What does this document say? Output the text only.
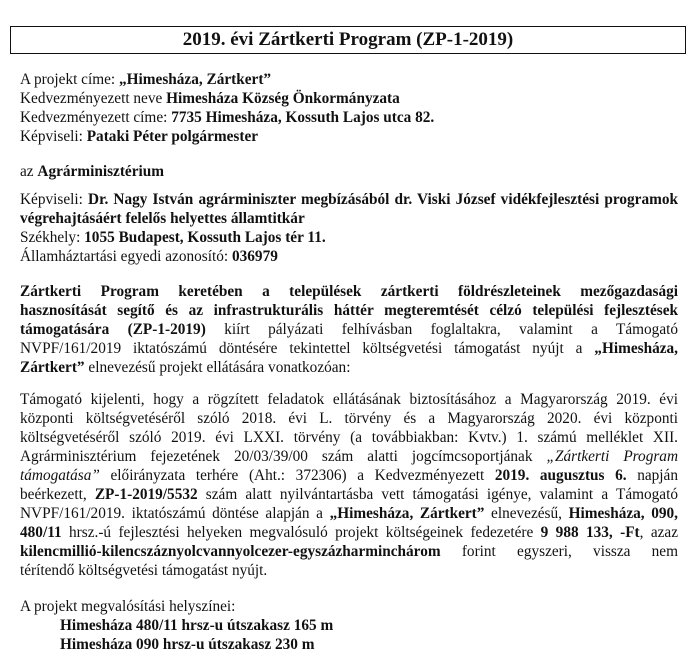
2019. évi Zártkerti Program (ZP-1-2019)
A projekt címe: „Himesháza, Zártkert”
Kedvezményezett neve Himesháza Község Önkormányzata
Kedvezményezett címe: 7735 Himesháza, Kossuth Lajos utca 82.
Képviseli: Pataki Péter polgármester
az Agrárminisztérium
Képviseli: Dr. Nagy István agrárminiszter megbízásából dr. Viski József vidékfejlesztési programok
végrehajtásáért felelős helyettes államtitkár
Székhely: 1055 Budapest, Kossuth Lajos tér 11.
Államháztartási egyedi azonosító: 036979
Zártkerti Program keretében a települések zártkerti földrészleteinek mezőgazdasági
hasznosítását segítő és az infrastrukturális háttér megteremtését célzó települési fejlesztések
támogatására (ZP-1-2019) kiírt pályázati felhívásban foglaltakra, valamint a Támogató
NVPF/161/2019 iktatószámú döntésére tekintettel költségvetési támogatást nyújt a „Himesháza,
Zártkert” elnevezésű projekt ellátására vonatkozóan:
Támogató kijelenti, hogy a rögzített feladatok ellátásának biztosításához a Magyarország 2019. évi
központi költségvetéséről szóló 2018. évi L. törvény és a Magyarország 2020. évi központi
költségvetéséről szóló 2019. évi LXXI. törvény (a továbbiakban: Kvtv.) 1. számú melléklet XII.
Agrárminisztérium fejezetének 20/03/39/00 szám alatti jogcímcsoportjának „Zártkerti Program
támogatása” előirányzata terhére (Aht.: 372306) a Kedvezményezett 2019. augusztus 6. napján
beérkezett, ZP-1-2019/5532 szám alatt nyilvántartásba vett támogatási igénye, valamint a Támogató
NVPF/161/2019. iktatószámú döntése alapján a „Himesháza, Zártkert” elnevezésű, Himesháza, 090,
480/11 hrsz.-ú fejlesztési helyeken megvalósuló projekt költségeinek fedezetére 9 988 133, -Ft, azaz
kilencmillió-kilencszáznyolcvannyolcezer-egyszázharminchárom forint egyszeri, vissza nem
térítendő költségvetési támogatást nyújt.
A projekt megvalósítási helyszínei:
Himesháza 480/11 hrsz-u útszakasz 165 m
Himesháza 090 hrsz-u útszakasz 230 m
